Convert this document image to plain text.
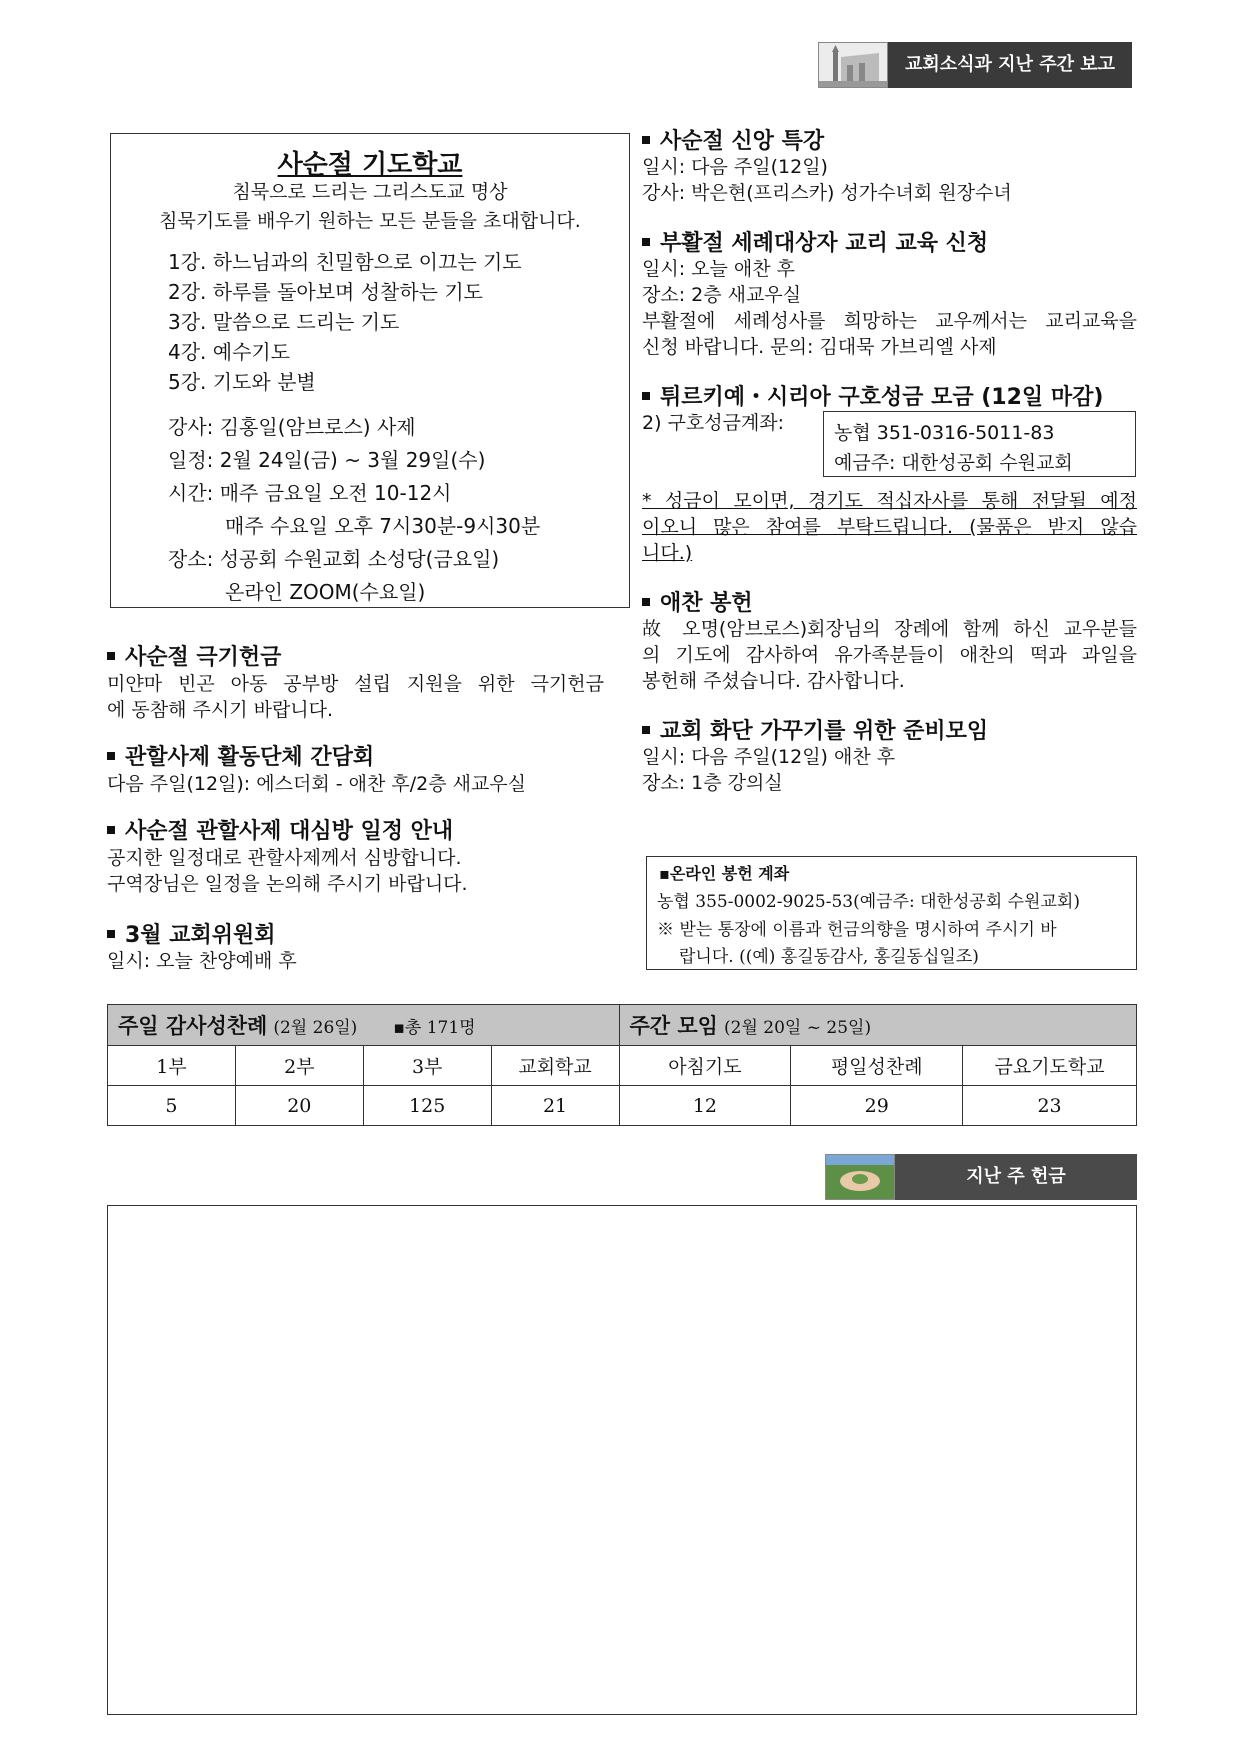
교회소식과 지난 주간 보고
사순절 기도학교
침묵으로 드리는 그리스도교 명상
침묵기도를 배우기 원하는 모든 분들을 초대합니다.
1강. 하느님과의 친밀함으로 이끄는 기도
2강. 하루를 돌아보며 성찰하는 기도
3강. 말씀으로 드리는 기도
4강. 예수기도
5강. 기도와 분별
강사: 김홍일(암브로스) 사제
일정: 2월 24일(금) ~ 3월 29일(수)
시간: 매주 금요일 오전 10-12시
매주 수요일 오후 7시30분-9시30분
장소: 성공회 수원교회 소성당(금요일)
온라인 ZOOM(수요일)
사순절 극기헌금
미얀마 빈곤 아동 공부방 설립 지원을 위한 극기헌금
에 동참해 주시기 바랍니다.
관할사제 활동단체 간담회
다음 주일(12일): 에스더회 - 애찬 후/2층 새교우실
사순절 관할사제 대심방 일정 안내
공지한 일정대로 관할사제께서 심방합니다.
구역장님은 일정을 논의해 주시기 바랍니다.
3월 교회위원회
일시: 오늘 찬양예배 후
사순절 신앙 특강
일시: 다음 주일(12일)
강사: 박은현(프리스카) 성가수녀회 원장수녀
부활절 세례대상자 교리 교육 신청
일시: 오늘 애찬 후
장소: 2층 새교우실
부활절에 세례성사를 희망하는 교우께서는 교리교육을
신청 바랍니다. 문의: 김대묵 가브리엘 사제
튀르키예・시리아 구호성금 모금 (12일 마감)
2) 구호성금계좌:	농협 351-0316-5011-83
예금주: 대한성공회 수원교회
* 성금이 모이면, 경기도 적십자사를 통해 전달될 예정
이오니 많은 참여를 부탁드립니다. (물품은 받지 않습
니다.)
애찬 봉헌
故 오명(암브로스)회장님의 장례에 함께 하신 교우분들
의 기도에 감사하여 유가족분들이 애찬의 떡과 과일을
봉헌해 주셨습니다. 감사합니다.
교회 화단 가꾸기를 위한 준비모임
일시: 다음 주일(12일) 애찬 후
장소: 1층 강의실
▪온라인 봉헌 계좌
농협 355-0002-9025-53(예금주: 대한성공회 수원교회)
※ 받는 통장에 이름과 헌금의향을 명시하여 주시기 바
랍니다. ((예) 홍길동감사, 홍길동십일조)
주일 감사성찬례 (2월 26일) ▪총 171명				주간 모임 (2월 20일 ~ 25일)		
1부	2부	3부	교회학교	아침기도	평일성찬례	금요기도학교
5	20	125	21	12	29	23
지난 주 헌금
